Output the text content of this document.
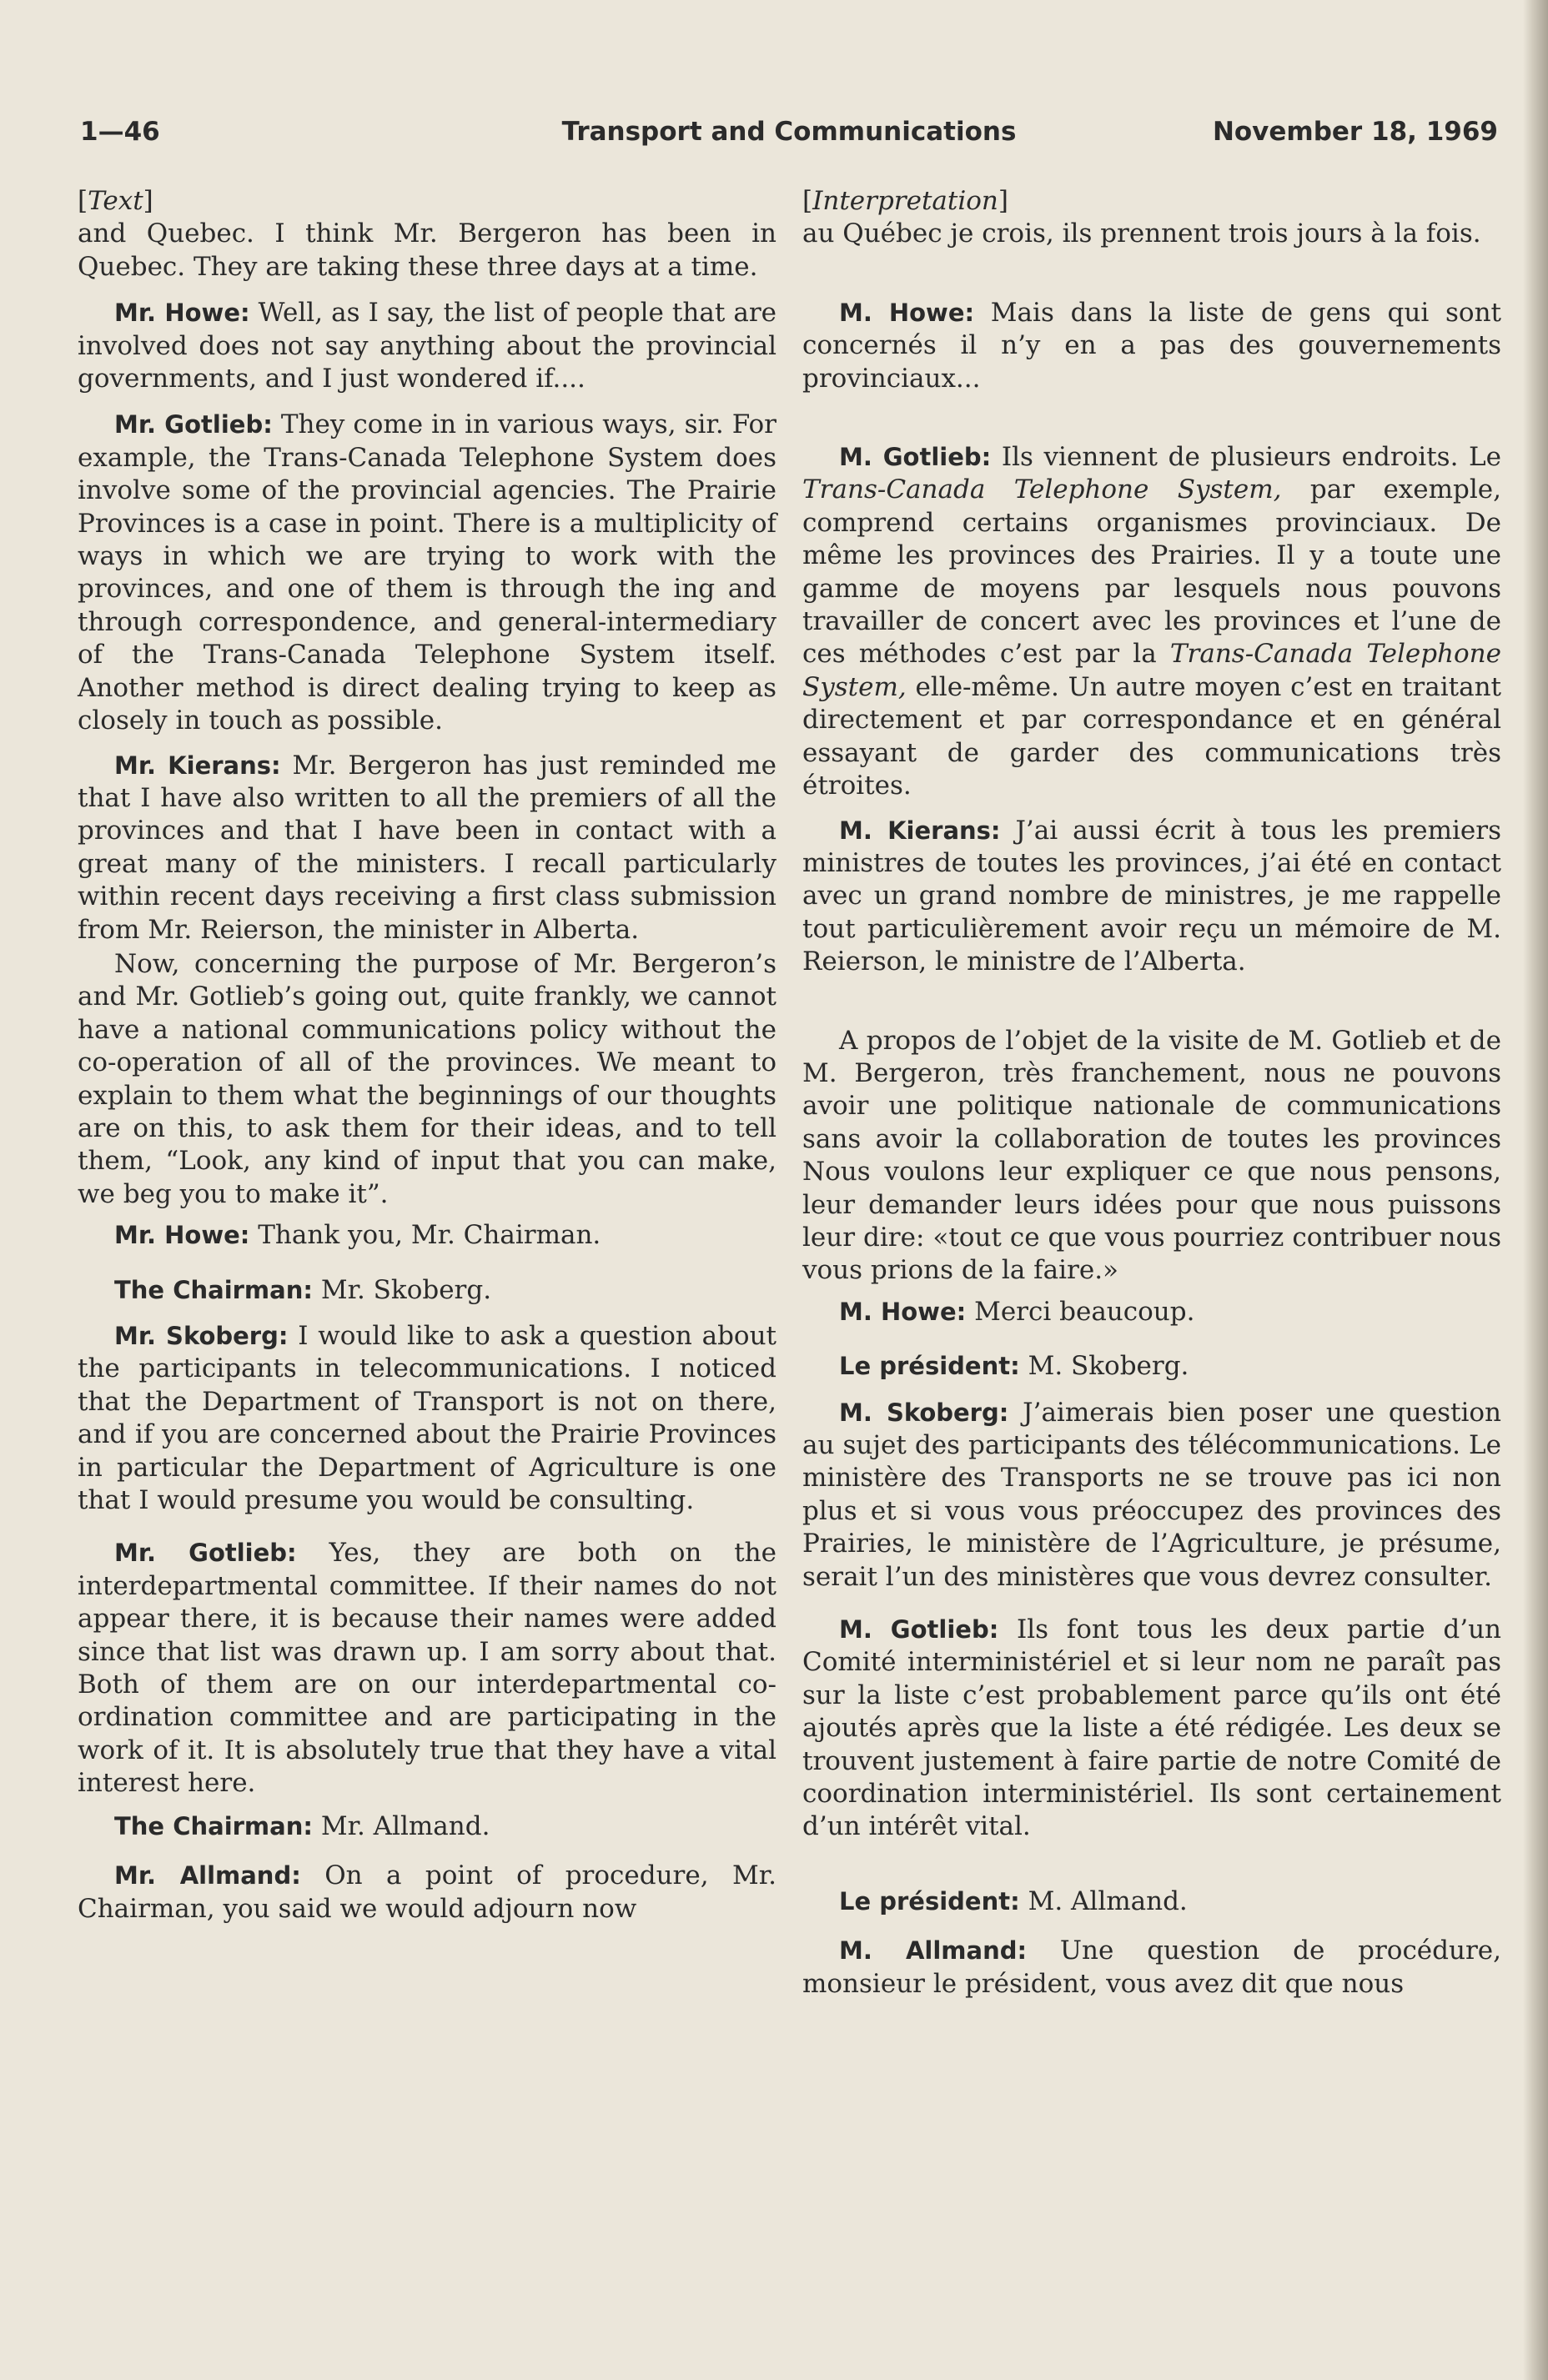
1—46	Transport and Communications	November 18, 1969
[Text]

and Quebec. I think Mr. Bergeron has been in Quebec. They are taking these three days at a time.

Mr. Howe: Well, as I say, the list of people that are involved does not say anything about the provincial governments, and I just wondered if....

Mr. Gotlieb: They come in in various ways, sir. For example, the Trans-Canada Telephone System does involve some of the provincial agencies. The Prairie Provinces is a case in point. There is a multiplicity of ways in which we are trying to work with the provinces, and one of them is through the ing and through correspondence, and general-intermediary of the Trans-Canada Telephone System itself. Another method is direct dealing trying to keep as closely in touch as possible.

Mr. Kierans: Mr. Bergeron has just reminded me that I have also written to all the premiers of all the provinces and that I have been in contact with a great many of the ministers. I recall particularly within recent days receiving a first class submission from Mr. Reierson, the minister in Alberta.

Now, concerning the purpose of Mr. Bergeron’s and Mr. Gotlieb’s going out, quite frankly, we cannot have a national communications policy without the co-operation of all of the provinces. We meant to explain to them what the beginnings of our thoughts are on this, to ask them for their ideas, and to tell them, “Look, any kind of input that you can make, we beg you to make it”.

Mr. Howe: Thank you, Mr. Chairman.

The Chairman: Mr. Skoberg.

Mr. Skoberg: I would like to ask a question about the participants in telecommunications. I noticed that the Department of Transport is not on there, and if you are concerned about the Prairie Provinces in particular the Department of Agriculture is one that I would presume you would be consulting.

Mr. Gotlieb: Yes, they are both on the interdepartmental committee. If their names do not appear there, it is because their names were added since that list was drawn up. I am sorry about that. Both of them are on our interdepartmental co-ordination committee and are participating in the work of it. It is absolutely true that they have a vital interest here.

The Chairman: Mr. Allmand.

Mr. Allmand: On a point of procedure, Mr. Chairman, you said we would adjourn now

[Interpretation]

au Québec je crois, ils prennent trois jours à la fois.

M. Howe: Mais dans la liste de gens qui sont concernés il n’y en a pas des gouvernements provinciaux...

M. Gotlieb: Ils viennent de plusieurs endroits. Le Trans-Canada Telephone System, par exemple, comprend certains organismes provinciaux. De même les provinces des Prairies. Il y a toute une gamme de moyens par lesquels nous pouvons travailler de concert avec les provinces et l’une de ces méthodes c’est par la Trans-Canada Telephone System, elle-même. Un autre moyen c’est en traitant directement et par correspondance et en général essayant de garder des communications très étroites.

M. Kierans: J’ai aussi écrit à tous les premiers ministres de toutes les provinces, j’ai été en contact avec un grand nombre de ministres, je me rappelle tout particulièrement avoir reçu un mémoire de M. Reierson, le ministre de l’Alberta.

A propos de l’objet de la visite de M. Gotlieb et de M. Bergeron, très franchement, nous ne pouvons avoir une politique nationale de communications sans avoir la collaboration de toutes les provinces Nous voulons leur expliquer ce que nous pensons, leur demander leurs idées pour que nous puissons leur dire: «tout ce que vous pourriez contribuer nous vous prions de la faire.»

M. Howe: Merci beaucoup.

Le président: M. Skoberg.

M. Skoberg: J’aimerais bien poser une question au sujet des participants des télécommunications. Le ministère des Transports ne se trouve pas ici non plus et si vous vous préoccupez des provinces des Prairies, le ministère de l’Agriculture, je présume, serait l’un des ministères que vous devrez consulter.

M. Gotlieb: Ils font tous les deux partie d’un Comité interministériel et si leur nom ne paraît pas sur la liste c’est probablement parce qu’ils ont été ajoutés après que la liste a été rédigée. Les deux se trouvent justement à faire partie de notre Comité de coordination interministériel. Ils sont certainement d’un intérêt vital.

Le président: M. Allmand.

M. Allmand: Une question de procédure, monsieur le président, vous avez dit que nous
